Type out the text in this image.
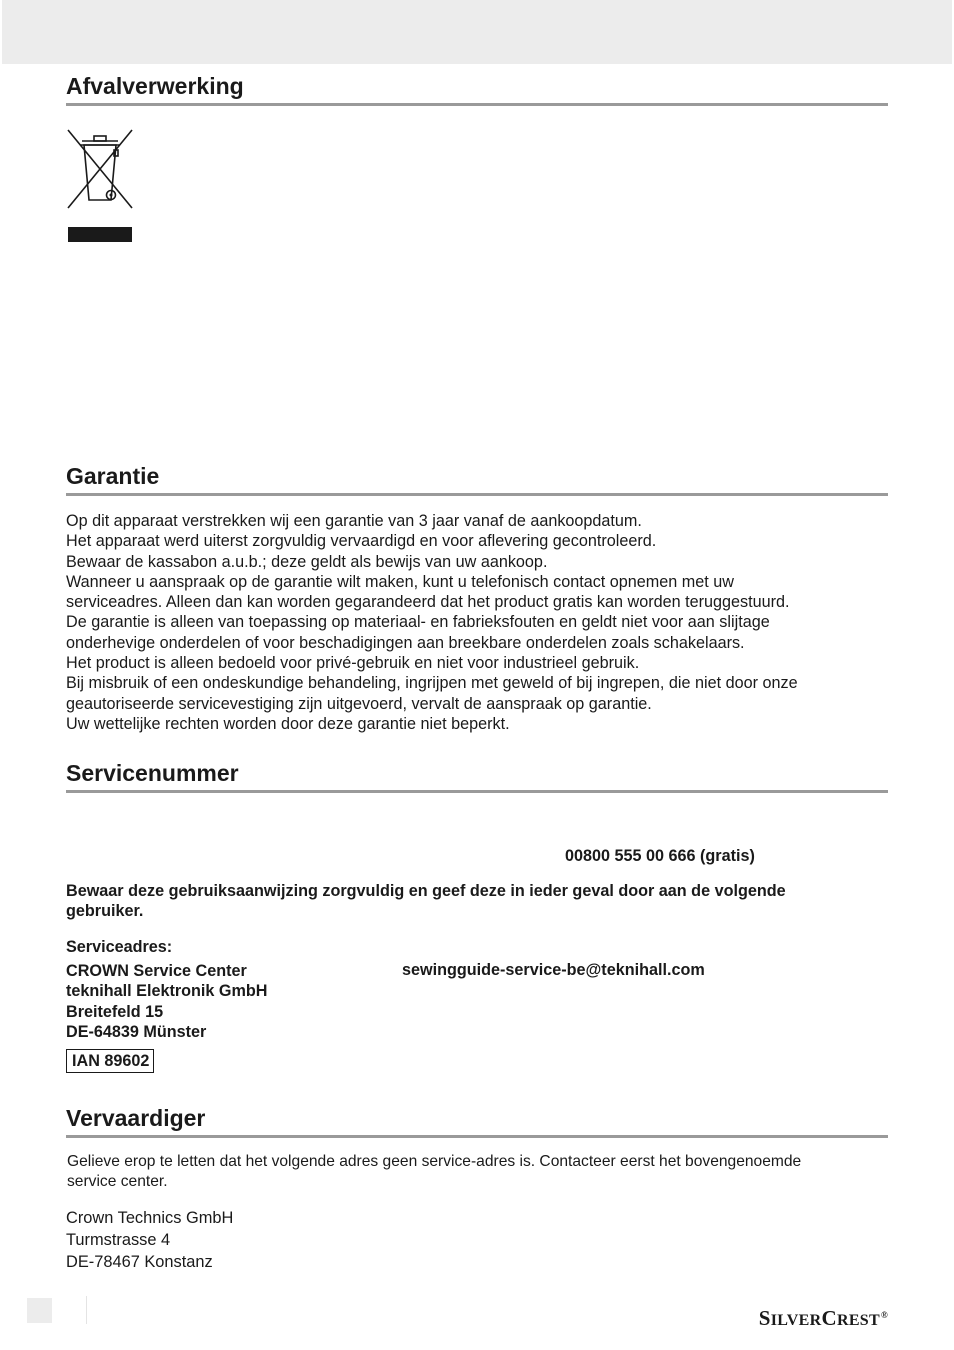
Afvalverwerking
Garantie
Op dit apparaat verstrekken wij een garantie van 3 jaar vanaf de aankoopdatum.
Het apparaat werd uiterst zorgvuldig vervaardigd en voor aflevering gecontroleerd.
Bewaar de kassabon a.u.b.; deze geldt als bewijs van uw aankoop.
Wanneer u aanspraak op de garantie wilt maken, kunt u telefonisch contact opnemen met uw
serviceadres. Alleen dan kan worden gegarandeerd dat het product gratis kan worden teruggestuurd.
De garantie is alleen van toepassing op materiaal- en fabrieksfouten en geldt niet voor aan slijtage
onderhevige onderdelen of voor beschadigingen aan breekbare onderdelen zoals schakelaars.
Het product is alleen bedoeld voor privé-gebruik en niet voor industrieel gebruik.
Bij misbruik of een ondeskundige behandeling, ingrijpen met geweld of bij ingrepen, die niet door onze
geautoriseerde servicevestiging zijn uitgevoerd, vervalt de aanspraak op garantie.
Uw wettelijke rechten worden door deze garantie niet beperkt.
Servicenummer
00800 555 00 666 (gratis)
Bewaar deze gebruiksaanwijzing zorgvuldig en geef deze in ieder geval door aan de volgende
gebruiker.
Serviceadres:
CROWN Service Center
teknihall Elektronik GmbH
Breitefeld 15
DE-64839 Münster
sewingguide-service-be@teknihall.com
IAN 89602
Vervaardiger
Gelieve erop te letten dat het volgende adres geen service-adres is. Contacteer eerst het bovengenoemde
service center.
Crown Technics GmbH
Turmstrasse 4
DE-78467 Konstanz
SILVERCREST®
